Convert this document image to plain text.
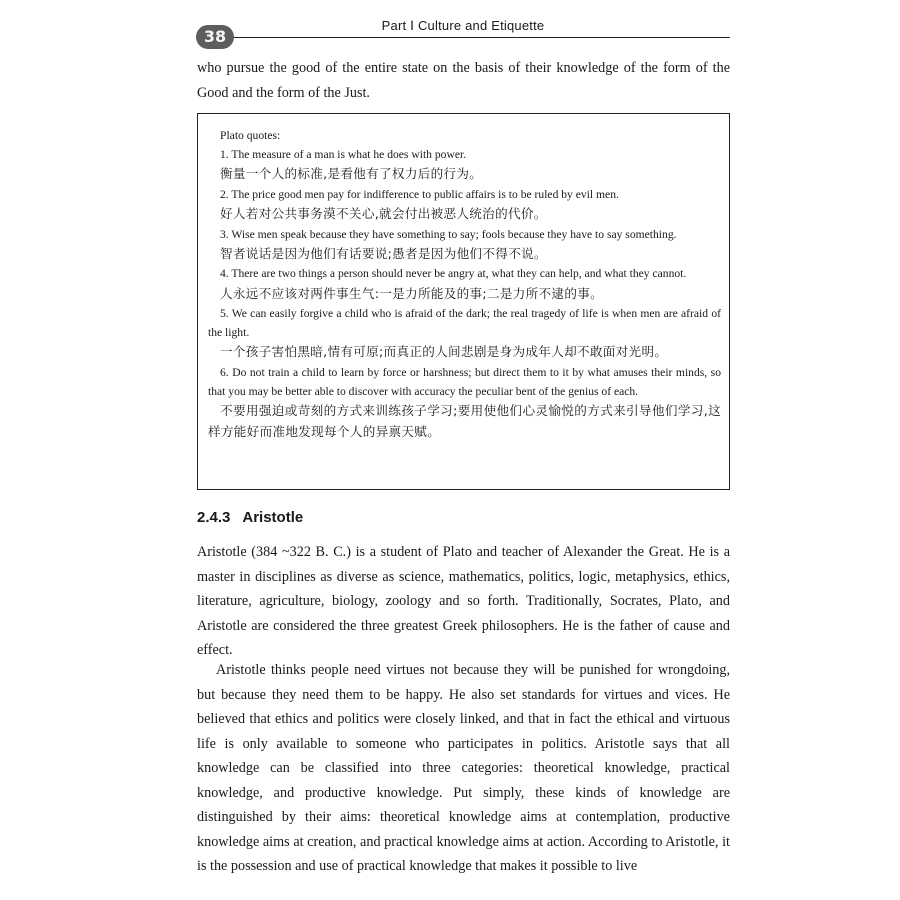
38
Part Ⅰ Culture and Etiquette

who pursue the good of the entire state on the basis of their knowledge of the form of the Good and the form of the Just.

Plato quotes:

1. The measure of a man is what he does with power.

衡量一个人的标准,是看他有了权力后的行为。

2. The price good men pay for indifference to public affairs is to be ruled by evil men.

好人若对公共事务漠不关心,就会付出被恶人统治的代价。

3. Wise men speak because they have something to say; fools because they have to say something.

智者说话是因为他们有话要说;愚者是因为他们不得不说。

4. There are two things a person should never be angry at, what they can help, and what they cannot.

人永远不应该对两件事生气:一是力所能及的事;二是力所不逮的事。

5. We can easily forgive a child who is afraid of the dark; the real tragedy of life is when men are afraid of the light.

一个孩子害怕黑暗,情有可原;而真正的人间悲剧是身为成年人却不敢面对光明。

6. Do not train a child to learn by force or harshness; but direct them to it by what amuses their minds, so that you may be better able to discover with accuracy the peculiar bent of the genius of each.

不要用强迫或苛刻的方式来训练孩子学习;要用使他们心灵愉悦的方式来引导他们学习,这样方能好而准地发现每个人的异禀天赋。

2.4.3 Aristotle

Aristotle (384 ~322 B. C.) is a student of Plato and teacher of Alexander the Great. He is a master in disciplines as diverse as science, mathematics, politics, logic, metaphysics, ethics, literature, agriculture, biology, zoology and so forth. Traditionally, Socrates, Plato, and Aristotle are considered the three greatest Greek philosophers. He is the father of cause and effect.

Aristotle thinks people need virtues not because they will be punished for wrongdoing, but because they need them to be happy. He also set standards for virtues and vices. He believed that ethics and politics were closely linked, and that in fact the ethical and virtuous life is only available to someone who participates in politics. Aristotle says that all knowledge can be classified into three categories: theoretical knowledge, practical knowledge, and productive knowledge. Put simply, these kinds of knowledge are distinguished by their aims: theoretical knowledge aims at contemplation, productive knowledge aims at creation, and practical knowledge aims at action. According to Aristotle, it is the possession and use of practical knowledge that makes it possible to live
